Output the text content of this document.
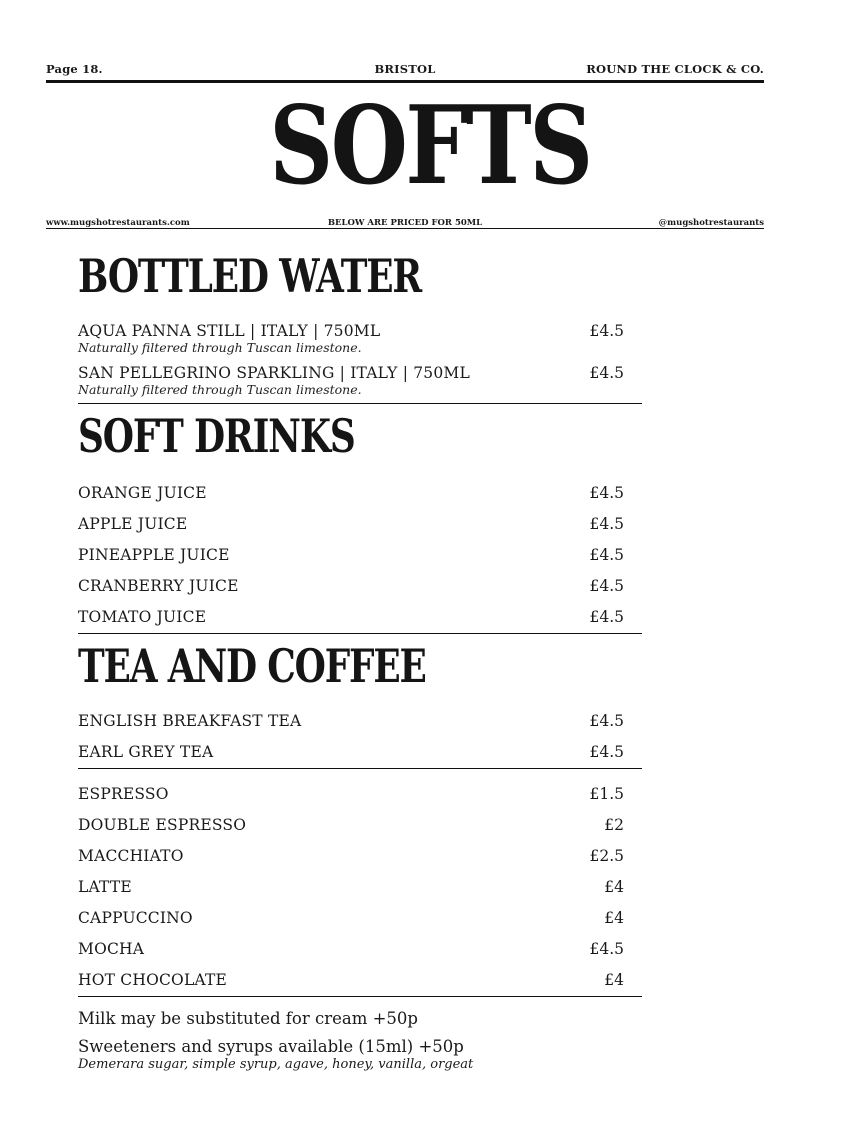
Page 18.	BRISTOL	ROUND THE CLOCK & CO.
SOFTS
www.mugshotrestaurants.com	BELOW ARE PRICED FOR 50ML	@mugshotrestaurants
BOTTLED WATER
AQUA PANNA STILL | ITALY | 750ML	£4.5
Naturally filtered through Tuscan limestone.
SAN PELLEGRINO SPARKLING | ITALY | 750ML	£4.5
Naturally filtered through Tuscan limestone.
SOFT DRINKS
ORANGE JUICE	£4.5
APPLE JUICE	£4.5
PINEAPPLE JUICE	£4.5
CRANBERRY JUICE	£4.5
TOMATO JUICE	£4.5
TEA AND COFFEE
ENGLISH BREAKFAST TEA	£4.5
EARL GREY TEA	£4.5
ESPRESSO	£1.5
DOUBLE ESPRESSO	£2
MACCHIATO	£2.5
LATTE	£4
CAPPUCCINO	£4
MOCHA	£4.5
HOT CHOCOLATE	£4
Milk may be substituted for cream +50p
Sweeteners and syrups available (15ml) +50p
Demerara sugar, simple syrup, agave, honey, vanilla, orgeat
